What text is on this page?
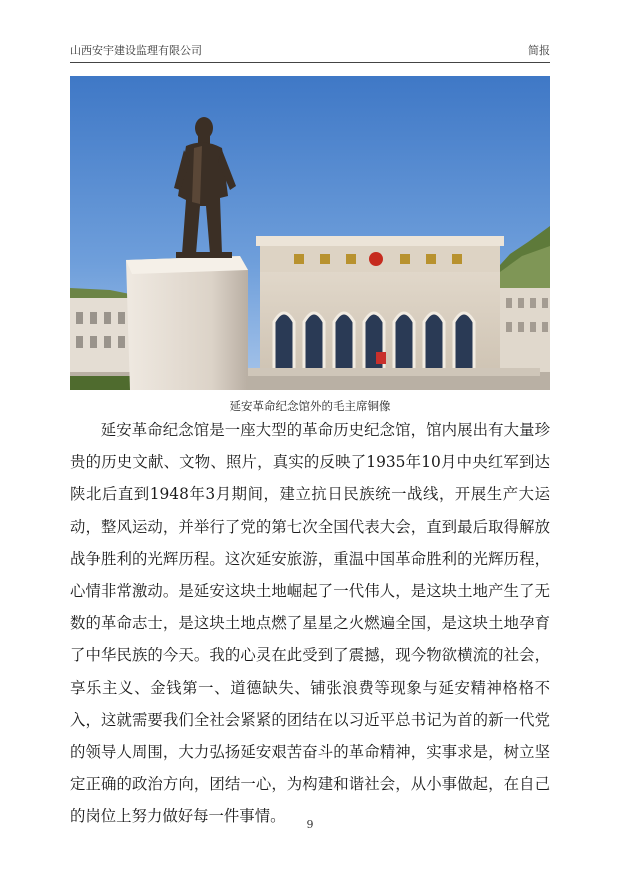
山西安宇建设监理有限公司	简报
延安革命纪念馆外的毛主席铜像

延安革命纪念馆是一座大型的革命历史纪念馆，馆内展出有大量珍贵的历史文献、文物、照片，真实的反映了1935年10月中央红军到达陕北后直到1948年3月期间，建立抗日民族统一战线，开展生产大运动，整风运动，并举行了党的第七次全国代表大会，直到最后取得解放战争胜利的光辉历程。这次延安旅游，重温中国革命胜利的光辉历程，心情非常激动。是延安这块土地崛起了一代伟人，是这块土地产生了无数的革命志士，是这块土地点燃了星星之火燃遍全国，是这块土地孕育了中华民族的今天。我的心灵在此受到了震撼，现今物欲横流的社会，享乐主义、金钱第一、道德缺失、铺张浪费等现象与延安精神格格不入，这就需要我们全社会紧紧的团结在以习近平总书记为首的新一代党的领导人周围，大力弘扬延安艰苦奋斗的革命精神，实事求是，树立坚定正确的政治方向，团结一心，为构建和谐社会，从小事做起，在自己的岗位上努力做好每一件事情。	9
